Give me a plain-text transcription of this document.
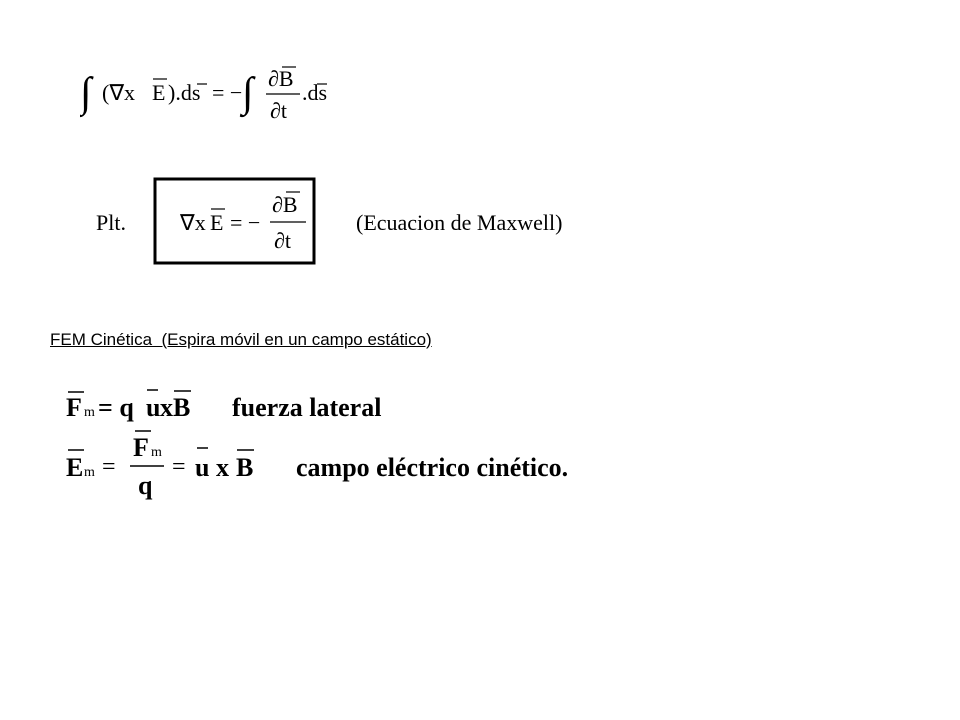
∫ (∇x E ).ds = − ∫ ∂B
∂t
.ds
Plt. ∇x E = −
∂B
∂t
(Ecuacion de Maxwell)
FEM Cinética  (Espira móvil en un campo estático)
F m = q u x B fuerza lateral
E m =
F m
q
= u x B campo eléctrico cinético.
